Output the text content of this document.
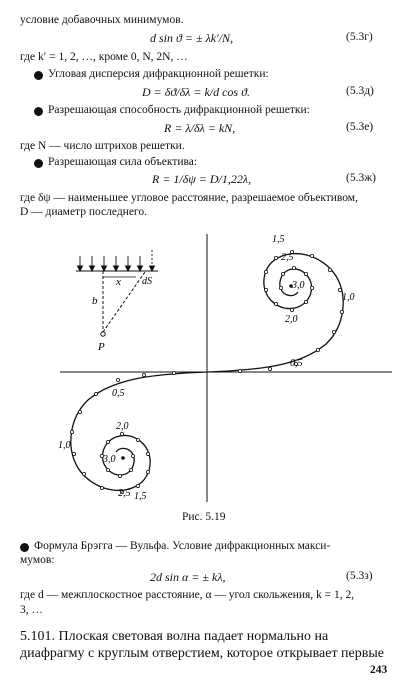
условие добавочных минимумов.
d sin ϑ = ± λk′/N,	(5.3г)
где k′ = 1, 2, …, кроме 0, N, 2N, …
Угловая дисперсия дифракционной решетки:
D = δϑ/δλ = k/d cos ϑ.	(5.3д)
Разрешающая способность дифракционной решетки:
R = λ/δλ = kN,	(5.3е)
где N — число штрихов решетки.
Разрешающая сила объектива:
R = 1/δψ = D/1,22λ,	(5.3ж)
где δψ — наименьшее угловое расстояние, разрешаемое объективом,
D — диаметр последнего.
x dS
b
P
1,5
2,5
3,0
1,0
2,0
0,5
0,5
1,0
2,0
3,0
2,5 1,5
Рис. 5.19
Формула Брэгга — Вульфа. Условие дифракционных макси-
мумов:
2d sin α = ± kλ,	(5.3з)
где d — межплоскостное расстояние, α — угол скольжения, k = 1, 2,
3, …
5.101. Плоская световая волна падает нормально на
диафрагму с круглым отверстием, которое открывает первые
243
